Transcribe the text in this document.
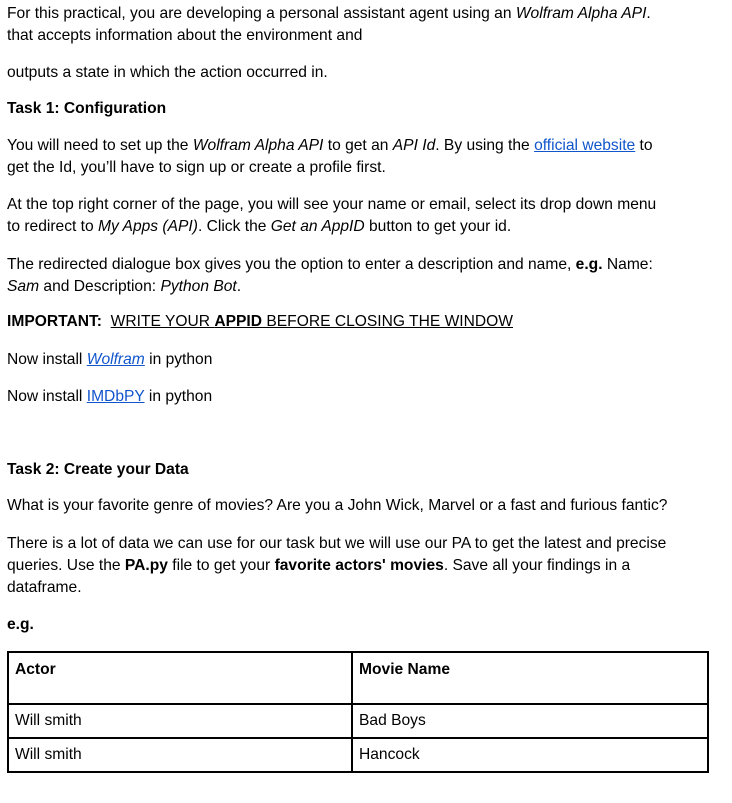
For this practical, you are developing a personal assistant agent using an Wolfram Alpha API.
that accepts information about the environment and

outputs a state in which the action occurred in.

Task 1: Configuration

You will need to set up the Wolfram Alpha API to get an API Id. By using the official website to
get the Id, you’ll have to sign up or create a profile first.

At the top right corner of the page, you will see your name or email, select its drop down menu
to redirect to My Apps (API). Click the Get an AppID button to get your id.

The redirected dialogue box gives you the option to enter a description and name, e.g. Name:
Sam and Description: Python Bot.

IMPORTANT: WRITE YOUR APPID BEFORE CLOSING THE WINDOW

Now install Wolfram in python

Now install IMDbPY in python

Task 2: Create your Data

What is your favorite genre of movies? Are you a John Wick, Marvel or a fast and furious fantic?

There is a lot of data we can use for our task but we will use our PA to get the latest and precise
queries. Use the PA.py file to get your favorite actors' movies. Save all your findings in a
dataframe.

e.g.

Actor	Movie Name
Will smith	Bad Boys
Will smith	Hancock
